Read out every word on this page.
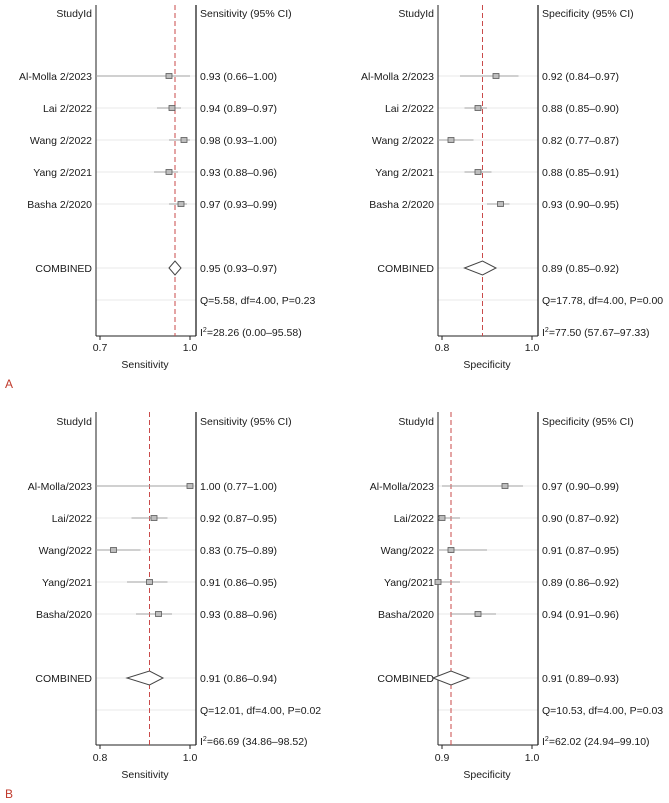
A
B
StudyId	Sensitivity (95% CI)
Al-Molla 2/2023	0.93 (0.66–1.00)
Lai 2/2022	0.94 (0.89–0.97)
Wang 2/2022	0.98 (0.93–1.00)
Yang 2/2021	0.93 (0.88–0.96)
Basha 2/2020	0.97 (0.93–0.99)
COMBINED	0.95 (0.93–0.97)
Q=5.58, df=4.00, P=0.23
$I^2=28.26$ (0.00–95.58)
0.7	1.0
Sensitivity
StudyId	Specificity (95% CI)
Al-Molla 2/2023	0.92 (0.84–0.97)
Lai 2/2022	0.88 (0.85–0.90)
Wang 2/2022	0.82 (0.77–0.87)
Yang 2/2021	0.88 (0.85–0.91)
Basha 2/2020	0.93 (0.90–0.95)
COMBINED	0.89 (0.85–0.92)
Q=17.78, df=4.00, P=0.00
$I^2=77.50$ (57.67–97.33)
0.8	1.0
Specificity
StudyId	Sensitivity (95% CI)
Al-Molla/2023	1.00 (0.77–1.00)
Lai/2022	0.92 (0.87–0.95)
Wang/2022	0.83 (0.75–0.89)
Yang/2021	0.91 (0.86–0.95)
Basha/2020	0.93 (0.88–0.96)
COMBINED	0.91 (0.86–0.94)
Q=12.01, df=4.00, P=0.02
$I^2=66.69$ (34.86–98.52)
0.8	1.0
Sensitivity
StudyId	Specificity (95% CI)
Al-Molla/2023	0.97 (0.90–0.99)
Lai/2022	0.90 (0.87–0.92)
Wang/2022	0.91 (0.87–0.95)
Yang/2021	0.89 (0.86–0.92)
Basha/2020	0.94 (0.91–0.96)
COMBINED	0.91 (0.89–0.93)
Q=10.53, df=4.00, P=0.03
$I^2=62.02$ (24.94–99.10)
0.9	1.0
Specificity
